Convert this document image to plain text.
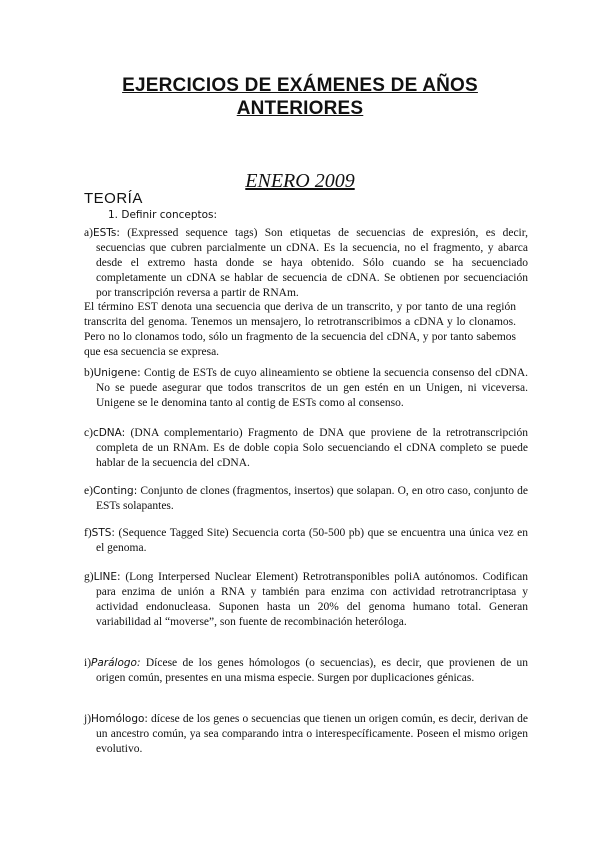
EJERCICIOS DE EXÁMENES DE AÑOS
ANTERIORES
ENERO 2009
TEORÍA
1. Definir conceptos:
a)ESTs: (Expressed sequence tags) Son etiquetas de secuencias de expresión, es decir, secuencias que cubren parcialmente un cDNA. Es la secuencia, no el fragmento, y abarca desde el extremo hasta donde se haya obtenido. Sólo cuando se ha secuenciado completamente un cDNA se hablar de secuencia de cDNA. Se obtienen por secuenciación por transcripción reversa a partir de RNAm.
El término EST denota una secuencia que deriva de un transcrito, y por tanto de una región transcrita del genoma. Tenemos un mensajero, lo retrotranscribimos a cDNA y lo clonamos. Pero no lo clonamos todo, sólo un fragmento de la secuencia del cDNA, y por tanto sabemos que esa secuencia se expresa.
b)Unigene: Contig de ESTs de cuyo alineamiento se obtiene la secuencia consenso del cDNA. No se puede asegurar que todos transcritos de un gen estén en un Unigen, ni viceversa. Unigene se le denomina tanto al contig de ESTs como al consenso.
c)cDNA: (DNA complementario) Fragmento de DNA que proviene de la retrotranscripción completa de un RNAm. Es de doble copia Solo secuenciando el cDNA completo se puede hablar de la secuencia del cDNA.
e)Conting: Conjunto de clones (fragmentos, insertos) que solapan. O, en otro caso, conjunto de ESTs solapantes.
f)STS: (Sequence Tagged Site) Secuencia corta (50-500 pb) que se encuentra una única vez en el genoma.
g)LINE: (Long Interpersed Nuclear Element) Retrotransponibles poliA autónomos. Codifican para enzima de unión a RNA y también para enzima con actividad retrotrancriptasa y actividad endonucleasa. Suponen hasta un 20% del genoma humano total. Generan variabilidad al “moverse”, son fuente de recombinación heteróloga.
i)Parálogo: Dícese de los genes hómologos (o secuencias), es decir, que provienen de un origen común, presentes en una misma especie. Surgen por duplicaciones génicas.
j)Homólogo: dícese de los genes o secuencias que tienen un origen común, es decir, derivan de un ancestro común, ya sea comparando intra o interespecíficamente. Poseen el mismo origen evolutivo.
